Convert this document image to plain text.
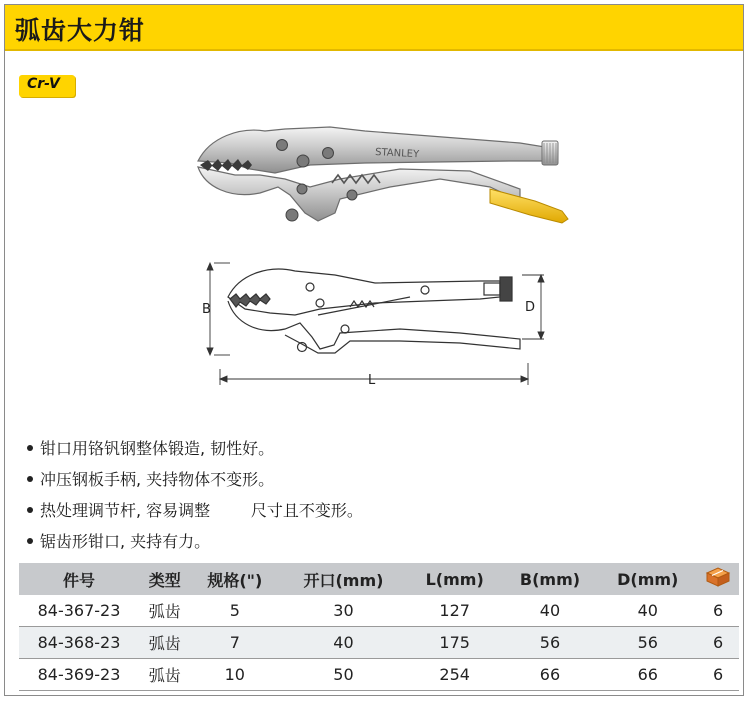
弧齿大力钳
Cr-V
STANLEY
B	D
L
钳口用铬钒钢整体锻造, 韧性好。
冲压钢板手柄, 夹持物体不变形。
热处理调节杆, 容易调整        尺寸且不变形。
锯齿形钳口, 夹持有力。
件号	类型	规格(")	开口(mm)	L(mm)	B(mm)	D(mm)	
84-367-23	弧齿	5	30	127	40	40	6
84-368-23	弧齿	7	40	175	56	56	6
84-369-23	弧齿	10	50	254	66	66	6
